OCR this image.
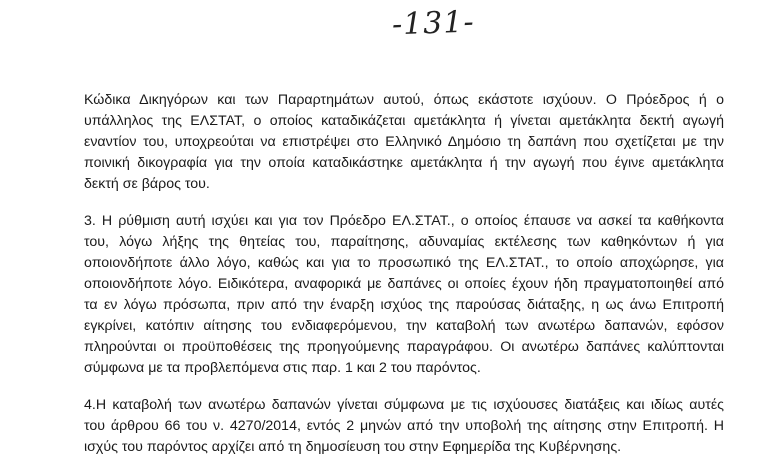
-131-
Κώδικα Δικηγόρων και των Παραρτημάτων αυτού, όπως εκάστοτε ισχύουν. Ο Πρόεδρος ή ο
υπάλληλος της ΕΛΣΤΑΤ, ο οποίος καταδικάζεται αμετάκλητα ή γίνεται αμετάκλητα δεκτή αγωγή
εναντίον του, υποχρεούται να επιστρέψει στο Ελληνικό Δημόσιο τη δαπάνη που σχετίζεται με την
ποινική δικογραφία για την οποία καταδικάστηκε αμετάκλητα ή την αγωγή που έγινε αμετάκλητα
δεκτή σε βάρος του.
3. Η ρύθμιση αυτή ισχύει και για τον Πρόεδρο ΕΛ.ΣΤΑΤ., ο οποίος έπαυσε να ασκεί τα καθήκοντα
του, λόγω λήξης της θητείας του, παραίτησης, αδυναμίας εκτέλεσης των καθηκόντων ή για
οποιονδήποτε άλλο λόγο, καθώς και για το προσωπικό της ΕΛ.ΣΤΑΤ., το οποίο αποχώρησε, για
οποιονδήποτε λόγο. Ειδικότερα, αναφορικά με δαπάνες οι οποίες έχουν ήδη πραγματοποιηθεί από
τα εν λόγω πρόσωπα, πριν από την έναρξη ισχύος της παρούσας διάταξης, η ως άνω Επιτροπή
εγκρίνει, κατόπιν αίτησης του ενδιαφερόμενου, την καταβολή των ανωτέρω δαπανών, εφόσον
πληρούνται οι προϋποθέσεις της προηγούμενης παραγράφου. Οι ανωτέρω δαπάνες καλύπτονται
σύμφωνα με τα προβλεπόμενα στις παρ. 1 και 2 του παρόντος.
4.Η καταβολή των ανωτέρω δαπανών γίνεται σύμφωνα με τις ισχύουσες διατάξεις και ιδίως αυτές
του άρθρου 66 του ν. 4270/2014, εντός 2 μηνών από την υποβολή της αίτησης στην Επιτροπή. Η
ισχύς του παρόντος αρχίζει από τη δημοσίευση του στην Εφημερίδα της Κυβέρνησης.
